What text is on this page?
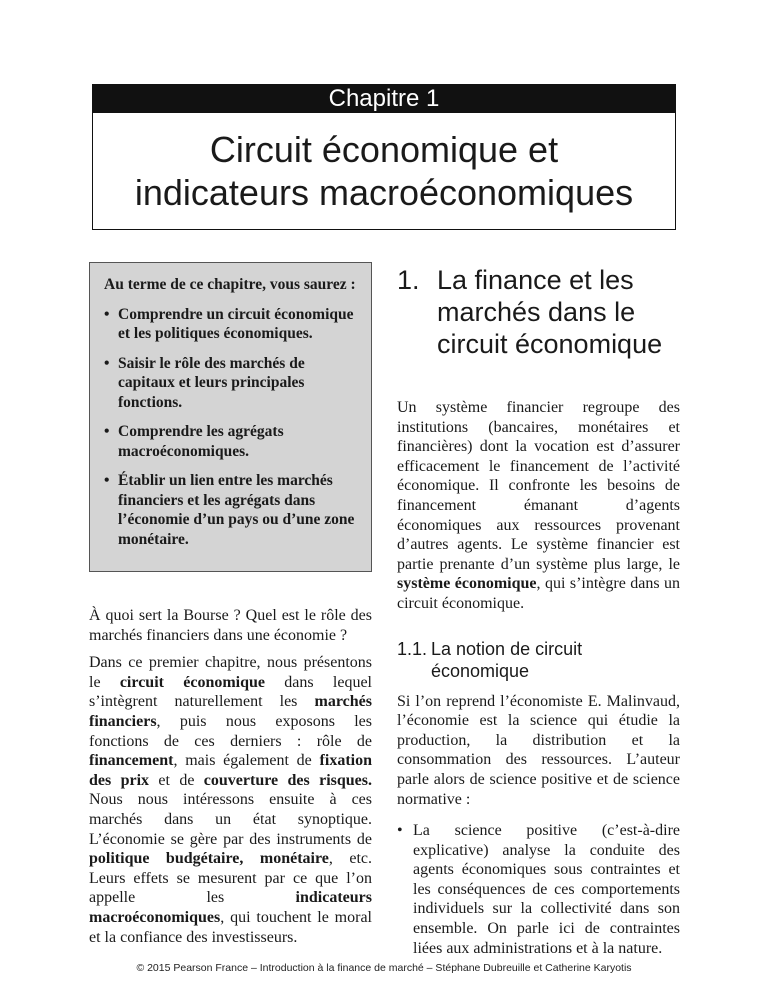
Chapitre 1
Circuit économique et
indicateurs macroéconomiques
Au terme de ce chapitre, vous saurez :
• Comprendre un circuit économique et les politiques économiques.
• Saisir le rôle des marchés de capitaux et leurs principales fonctions.
• Comprendre les agrégats macroéconomiques.
• Établir un lien entre les marchés financiers et les agrégats dans l’économie d’un pays ou d’une zone monétaire.

À quoi sert la Bourse ? Quel est le rôle des marchés financiers dans une économie ?

Dans ce premier chapitre, nous présentons le circuit économique dans lequel s’intègrent naturellement les marchés financiers, puis nous exposons les fonctions de ces derniers : rôle de financement, mais également de fixation des prix et de couverture des risques. Nous nous intéressons ensuite à ces marchés dans un état synoptique. L’économie se gère par des instruments de politique budgétaire, monétaire, etc. Leurs effets se mesurent par ce que l’on appelle les indicateurs macroéconomiques, qui touchent le moral et la confiance des investisseurs.

1. La finance et les marchés dans le circuit économique

Un système financier regroupe des institutions (bancaires, monétaires et financières) dont la vocation est d’assurer efficacement le financement de l’activité économique. Il confronte les besoins de financement émanant d’agents économiques aux ressources provenant d’autres agents. Le système financier est partie prenante d’un système plus large, le système économique, qui s’intègre dans un circuit économique.

1.1. La notion de circuit
économique

Si l’on reprend l’économiste E. Malinvaud, l’économie est la science qui étudie la production, la distribution et la consommation des ressources. L’auteur parle alors de science positive et de science normative :

• La science positive (c’est-à-dire explicative) analyse la conduite des agents économiques sous contraintes et les conséquences de ces comportements individuels sur la collectivité dans son ensemble. On parle ici de contraintes liées aux administrations et à la nature.
© 2015 Pearson France – Introduction à la finance de marché – Stéphane Dubreuille et Catherine Karyotis
